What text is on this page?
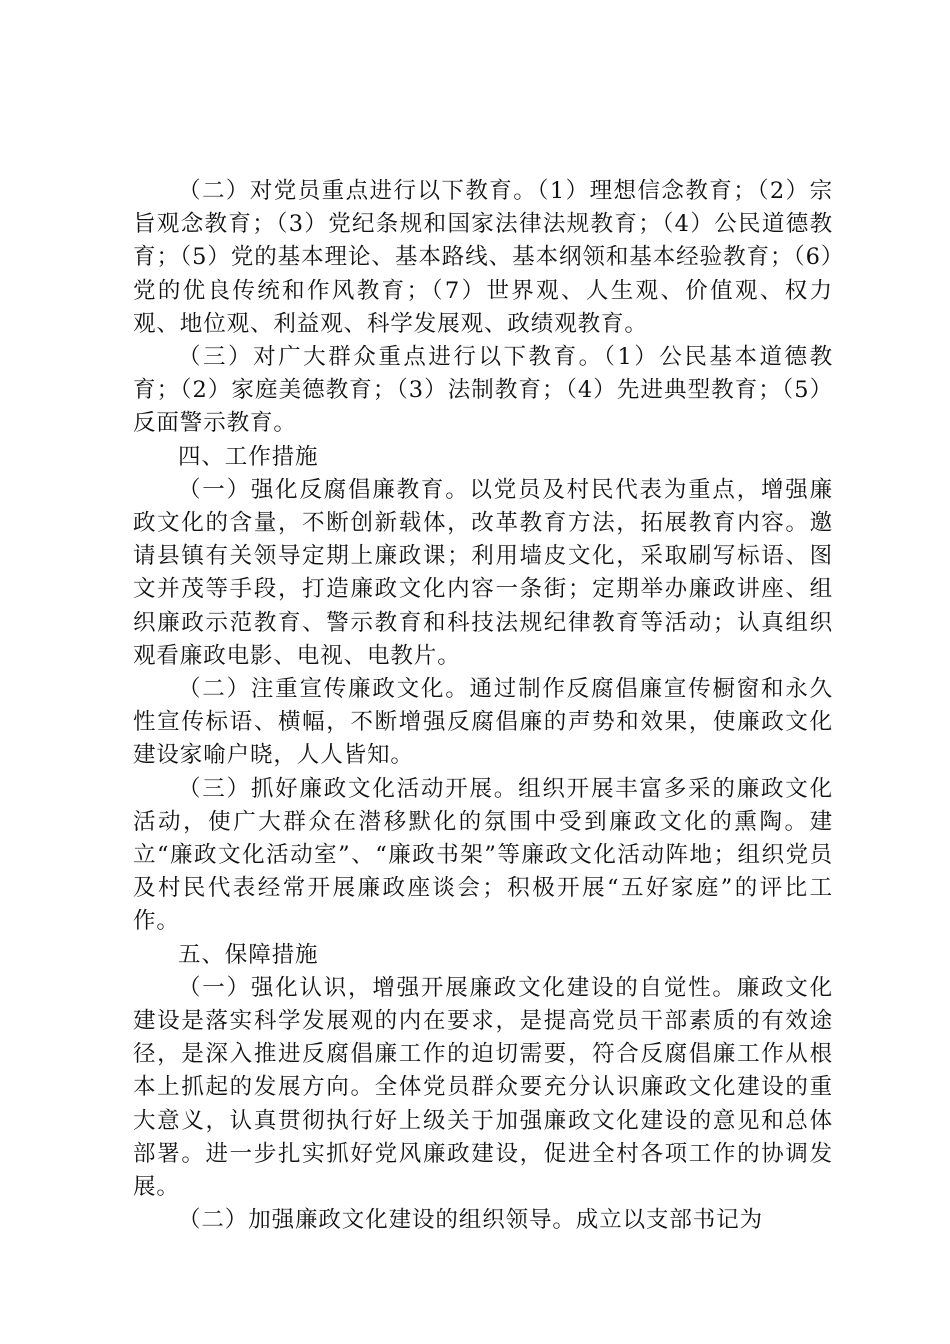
（二）对党员重点进行以下教育。（1）理想信念教育；（2）宗旨观念教育；（3）党纪条规和国家法律法规教育；（4）公民道德教育；（5）党的基本理论、基本路线、基本纲领和基本经验教育；（6）党的优良传统和作风教育；（7）世界观、人生观、价值观、权力观、地位观、利益观、科学发展观、政绩观教育。

（三）对广大群众重点进行以下教育。（1）公民基本道德教育；（2）家庭美德教育；（3）法制教育；（4）先进典型教育；（5）反面警示教育。

四、工作措施

（一）强化反腐倡廉教育。以党员及村民代表为重点，增强廉政文化的含量，不断创新载体，改革教育方法，拓展教育内容。邀请县镇有关领导定期上廉政课；利用墙皮文化，采取刷写标语、图文并茂等手段，打造廉政文化内容一条街；定期举办廉政讲座、组织廉政示范教育、警示教育和科技法规纪律教育等活动；认真组织观看廉政电影、电视、电教片。

（二）注重宣传廉政文化。通过制作反腐倡廉宣传橱窗和永久性宣传标语、横幅，不断增强反腐倡廉的声势和效果，使廉政文化建设家喻户晓，人人皆知。

（三）抓好廉政文化活动开展。组织开展丰富多采的廉政文化活动，使广大群众在潜移默化的氛围中受到廉政文化的熏陶。建立“廉政文化活动室”、“廉政书架”等廉政文化活动阵地；组织党员及村民代表经常开展廉政座谈会；积极开展“五好家庭”的评比工作。

五、保障措施

（一）强化认识，增强开展廉政文化建设的自觉性。廉政文化建设是落实科学发展观的内在要求，是提高党员干部素质的有效途径，是深入推进反腐倡廉工作的迫切需要，符合反腐倡廉工作从根本上抓起的发展方向。全体党员群众要充分认识廉政文化建设的重大意义，认真贯彻执行好上级关于加强廉政文化建设的意见和总体部署。进一步扎实抓好党风廉政建设，促进全村各项工作的协调发展。

（二）加强廉政文化建设的组织领导。成立以支部书记为
